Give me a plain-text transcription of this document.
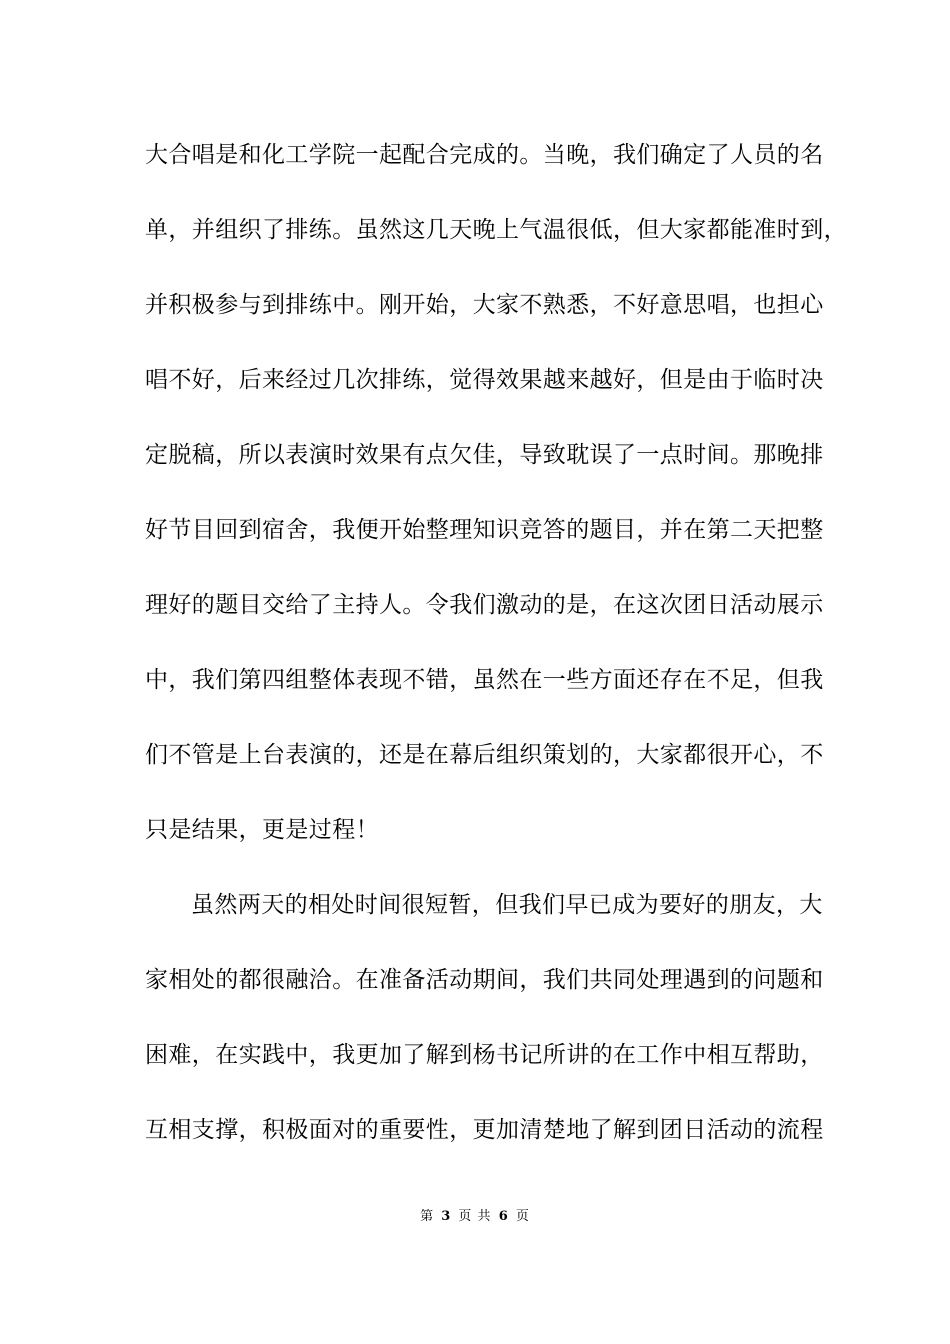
大合唱是和化工学院一起配合完成的。当晚，我们确定了人员的名
单，并组织了排练。虽然这几天晚上气温很低，但大家都能准时到，
并积极参与到排练中。刚开始，大家不熟悉，不好意思唱，也担心
唱不好，后来经过几次排练，觉得效果越来越好，但是由于临时决
定脱稿，所以表演时效果有点欠佳，导致耽误了一点时间。那晚排
好节目回到宿舍，我便开始整理知识竞答的题目，并在第二天把整
理好的题目交给了主持人。令我们激动的是，在这次团日活动展示
中，我们第四组整体表现不错，虽然在一些方面还存在不足，但我
们不管是上台表演的，还是在幕后组织策划的，大家都很开心，不
只是结果，更是过程！
虽然两天的相处时间很短暂，但我们早已成为要好的朋友，大
家相处的都很融洽。在准备活动期间，我们共同处理遇到的问题和
困难，在实践中，我更加了解到杨书记所讲的在工作中相互帮助，
互相支撑，积极面对的重要性，更加清楚地了解到团日活动的流程
第 3 页 共 6 页
